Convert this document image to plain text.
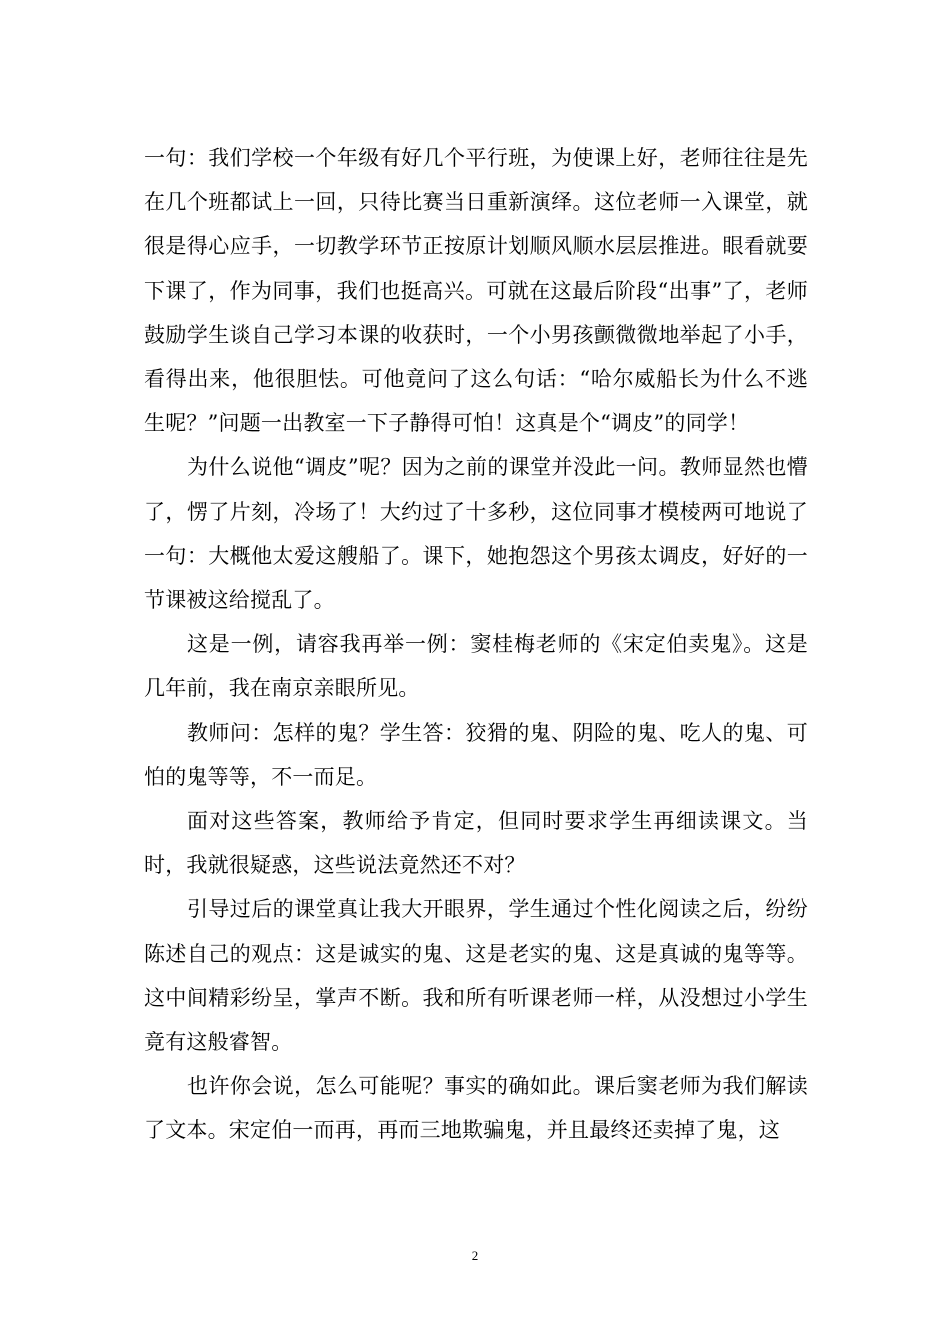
一句：我们学校一个年级有好几个平行班，为使课上好，老师往往是先在几个班都试上一回，只待比赛当日重新演绎。这位老师一入课堂，就很是得心应手，一切教学环节正按原计划顺风顺水层层推进。眼看就要下课了，作为同事，我们也挺高兴。可就在这最后阶段“出事”了，老师鼓励学生谈自己学习本课的收获时，一个小男孩颤微微地举起了小手，看得出来，他很胆怯。可他竟问了这么句话：“哈尔威船长为什么不逃生呢？”问题一出教室一下子静得可怕！这真是个“调皮”的同学！

为什么说他“调皮”呢？因为之前的课堂并没此一问。教师显然也懵了，愣了片刻，冷场了！大约过了十多秒，这位同事才模棱两可地说了一句：大概他太爱这艘船了。课下，她抱怨这个男孩太调皮，好好的一节课被这给搅乱了。

这是一例，请容我再举一例：窦桂梅老师的《宋定伯卖鬼》。这是几年前，我在南京亲眼所见。

教师问：怎样的鬼？学生答：狡猾的鬼、阴险的鬼、吃人的鬼、可怕的鬼等等，不一而足。

面对这些答案，教师给予肯定，但同时要求学生再细读课文。当时，我就很疑惑，这些说法竟然还不对？

引导过后的课堂真让我大开眼界，学生通过个性化阅读之后，纷纷陈述自己的观点：这是诚实的鬼、这是老实的鬼、这是真诚的鬼等等。这中间精彩纷呈，掌声不断。我和所有听课老师一样，从没想过小学生竟有这般睿智。

也许你会说，怎么可能呢？事实的确如此。课后窦老师为我们解读了文本。宋定伯一而再，再而三地欺骗鬼，并且最终还卖掉了鬼，这

2
